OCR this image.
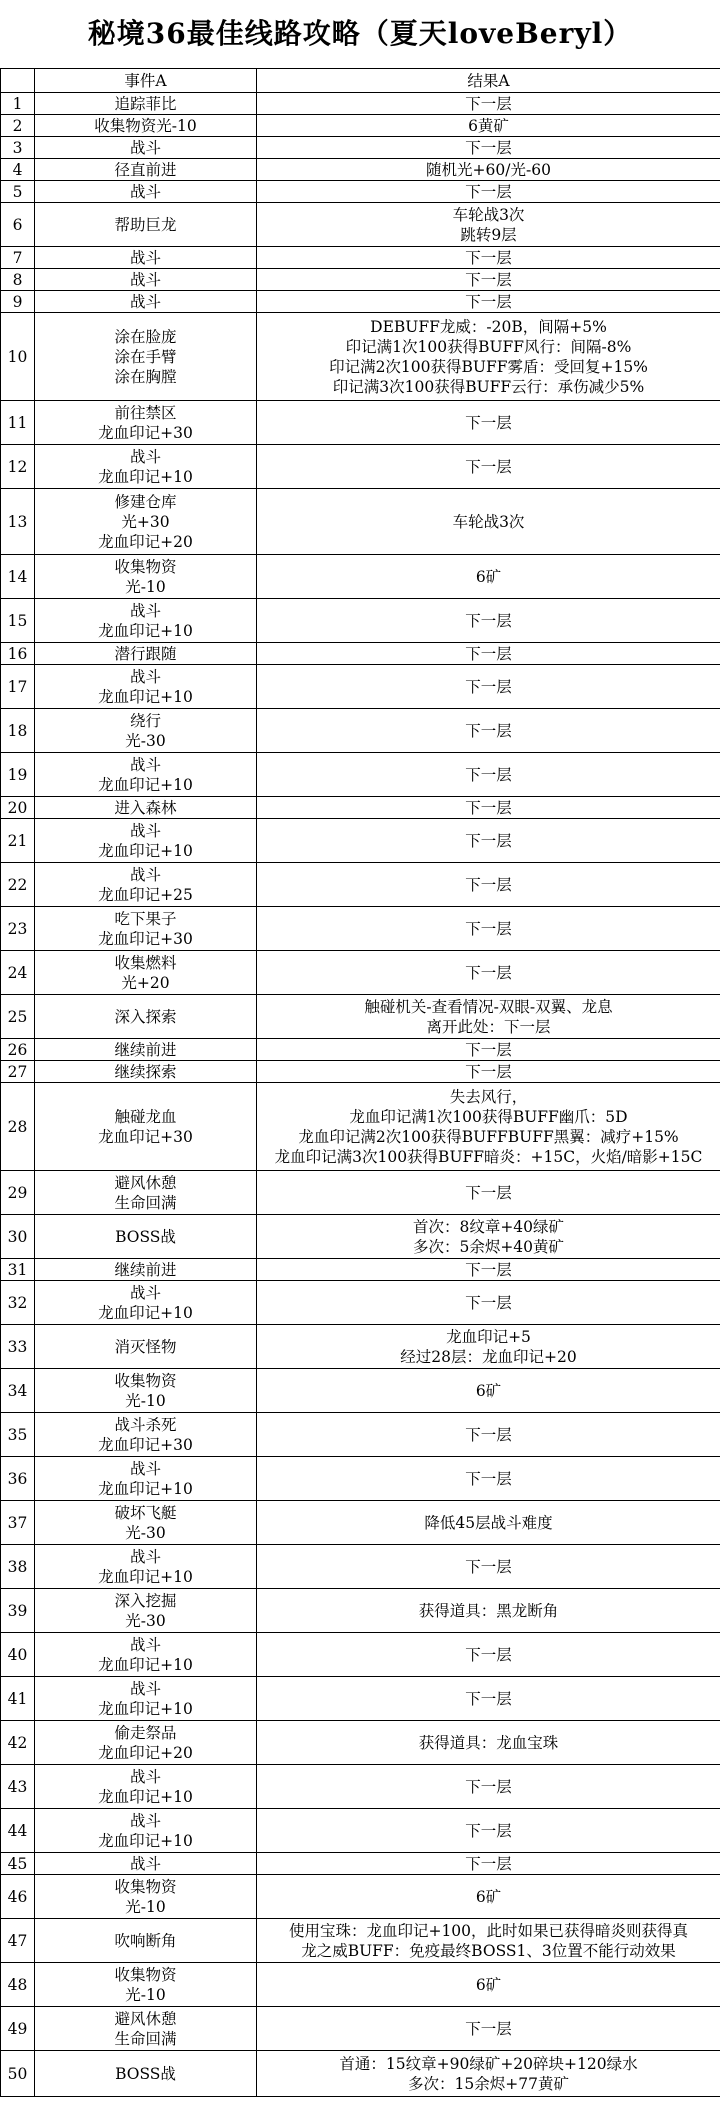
秘境36最佳线路攻略（夏天loveBeryl）
	事件A	结果A
1	追踪菲比	下一层

2	收集物资光-10	6黄矿

3	战斗	下一层

4	径直前进	随机光+60/光-60

5	战斗	下一层

6	帮助巨龙	车轮战3次
跳转9层

7	战斗	下一层

8	战斗	下一层

9	战斗	下一层

10	涂在脸庞
涂在手臂
涂在胸膛	DEBUFF龙威：-20B，间隔+5%
印记满1次100获得BUFF风行：间隔-8%
印记满2次100获得BUFF雾盾：受回复+15%
印记满3次100获得BUFF云行：承伤减少5%

11	前往禁区
龙血印记+30	下一层

12	战斗
龙血印记+10	下一层

13	修建仓库
光+30
龙血印记+20	车轮战3次

14	收集物资
光-10	6矿

15	战斗
龙血印记+10	下一层

16	潜行跟随	下一层

17	战斗
龙血印记+10	下一层

18	绕行
光-30	下一层

19	战斗
龙血印记+10	下一层

20	进入森林	下一层

21	战斗
龙血印记+10	下一层

22	战斗
龙血印记+25	下一层

23	吃下果子
龙血印记+30	下一层

24	收集燃料
光+20	下一层

25	深入探索	触碰机关-查看情况-双眼-双翼、龙息
离开此处：下一层

26	继续前进	下一层

27	继续探索	下一层

28	触碰龙血
龙血印记+30	失去风行，
龙血印记满1次100获得BUFF幽爪：5D
龙血印记满2次100获得BUFFBUFF黑翼：减疗+15%
龙血印记满3次100获得BUFF暗炎：+15C，火焰/暗影+15C

29	避风休憩
生命回满	下一层

30	BOSS战	首次：8纹章+40绿矿
多次：5余烬+40黄矿

31	继续前进	下一层

32	战斗
龙血印记+10	下一层

33	消灭怪物	龙血印记+5
经过28层：龙血印记+20

34	收集物资
光-10	6矿

35	战斗杀死
龙血印记+30	下一层

36	战斗
龙血印记+10	下一层

37	破坏飞艇
光-30	降低45层战斗难度

38	战斗
龙血印记+10	下一层

39	深入挖掘
光-30	获得道具：黑龙断角

40	战斗
龙血印记+10	下一层

41	战斗
龙血印记+10	下一层

42	偷走祭品
龙血印记+20	获得道具：龙血宝珠

43	战斗
龙血印记+10	下一层

44	战斗
龙血印记+10	下一层

45	战斗	下一层

46	收集物资
光-10	6矿

47	吹响断角	使用宝珠：龙血印记+100，此时如果已获得暗炎则获得真
龙之威BUFF：免疫最终BOSS1、3位置不能行动效果

48	收集物资
光-10	6矿

49	避风休憩
生命回满	下一层

50	BOSS战	首通：15纹章+90绿矿+20碎块+120绿水
多次：15余烬+77黄矿
